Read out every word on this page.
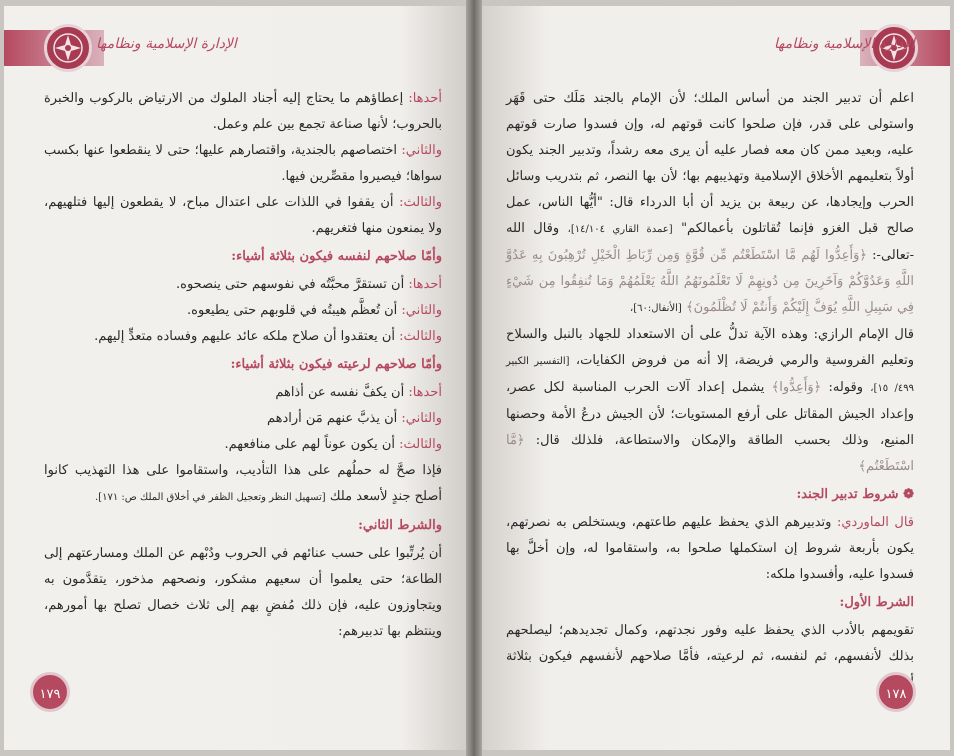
الإدارة الإسلامية ونظامها

أحدها: إعطاؤهم ما يحتاج إليه أجناد الملوك من الارتياض بالركوب والخبرة بالحروب؛ لأنها صناعة تجمع بين علم وعمل.

والثاني: اختصاصهم بالجندية، واقتصارهم عليها؛ حتى لا ينقطعوا عنها بكسب سواها؛ فيصيروا مقصِّرين فيها.

والثالث: أن يقفوا في اللذات على اعتدال مباح، لا يقطعون إليها فتلهيهم، ولا يمنعون منها فتغريهم.

وأمّا صلاحهم لنفسه فيكون بثلاثة أشياء:

أحدها: أن تستقرَّ محبَّتُه في نفوسهم حتى ينصحوه.

والثاني: أن تُعظَّم هيبتُه في قلوبهم حتى يطيعوه.

والثالث: أن يعتقدوا أن صلاح ملكه عائد عليهم وفساده متعدٍّ إليهم.

وأمّا صلاحهم لرعيته فيكون بثلاثة أشياء:

أحدها: أن يكفَّ نفسه عن أذاهم

والثاني: أن يذبَّ عنهم مَن أرادهم

والثالث: أن يكون عوناً لهم على منافعهم.

فإذا صحَّ له حملُهم على هذا التأديب، واستقاموا على هذا التهذيب كانوا أصلح جندٍ لأسعد ملك [تسهيل النظر وتعجيل الظفر في أخلاق الملك ص: ١٧١].

والشرط الثاني:

أن يُرتِّبوا على حسب عنائهم في الحروب ودُبْهم عن الملك ومسارعتهم إلى الطاعة؛ حتى يعلموا أن سعيهم مشكور، ونصحهم مذخور، يتقدَّمون به ويتجاوزون عليه، فإن ذلك مُفضٍ بهم إلى ثلاث خصال تصلح بها أمورهم، وينتظم بها تدبيرهم:

١٧٩
الإدارة الإسلامية ونظامها

اعلم أن تدبير الجند من أساس الملك؛ لأن الإمام بالجند مَلَك حتى قَهَر واستولى على قدر، فإن صلحوا كانت قوتهم له، وإن فسدوا صارت قوتهم عليه، وبعيد ممن كان معه فصار عليه أن يرى معه رشداً، وتدبير الجند يكون أولاً بتعليمهم الأخلاق الإسلامية وتهذيبهم بها؛ لأن بها النصر، ثم بتدريب وسائل الحرب وإيجادها، عن ربيعة بن يزيد أن أبا الدرداء قال: "أيُّها الناس، عمل صالح قبل الغزو فإنما تُقاتلون بأعمالكم" [عمدة القاري ١٤/١٠٤]، وقال الله -تعالى-: ﴿وَأَعِدُّوا لَهُم مَّا اسْتَطَعْتُم مِّن قُوَّةٍ وَمِن رِّبَاطِ الْخَيْلِ تُرْهِبُونَ بِهِ عَدُوَّ اللَّهِ وَعَدُوَّكُمْ وَآخَرِينَ مِن دُونِهِمْ لَا تَعْلَمُونَهُمُ اللَّهُ يَعْلَمُهُمْ وَمَا تُنفِقُوا مِن شَيْءٍ فِي سَبِيلِ اللَّهِ يُوَفَّ إِلَيْكُمْ وَأَنتُمْ لَا تُظْلَمُونَ﴾ [الأنفال:٦٠]،

قال الإمام الرازي: وهذه الآية تدلُّ على أن الاستعداد للجهاد بالنبل والسلاح وتعليم الفروسية والرمي فريضة، إلا أنه من فروض الكفايات، [التفسير الكبير ٤٩٩/ ١٥]، وقوله: ﴿وَأَعِدُّوا﴾ يشمل إعداد آلات الحرب المناسبة لكل عصر، وإعداد الجيش المقاتل على أرفع المستويات؛ لأن الجيش درعُ الأمة وحصنها المنيع، وذلك بحسب الطاقة والإمكان والاستطاعة، فلذلك قال: ﴿مَّا اسْتَطَعْتُم﴾

❁ شروط تدبير الجند:

قال الماوردي: وتدبيرهم الذي يحفظ عليهم طاعتهم، ويستخلص به نصرتهم، يكون بأربعة شروط إن استكملها صلحوا به، واستقاموا له، وإن أخلَّ بها فسدوا عليه، وأفسدوا ملكه:

الشرط الأول:

تقويمهم بالأدب الذي يحفظ عليه وفور نجدتهم، وكمال تجديدهم؛ ليصلحهم بذلك لأنفسهم، ثم لنفسه، ثم لرعيته، فأمَّا صلاحهم لأنفسهم فيكون بثلاثة

١٧٨
